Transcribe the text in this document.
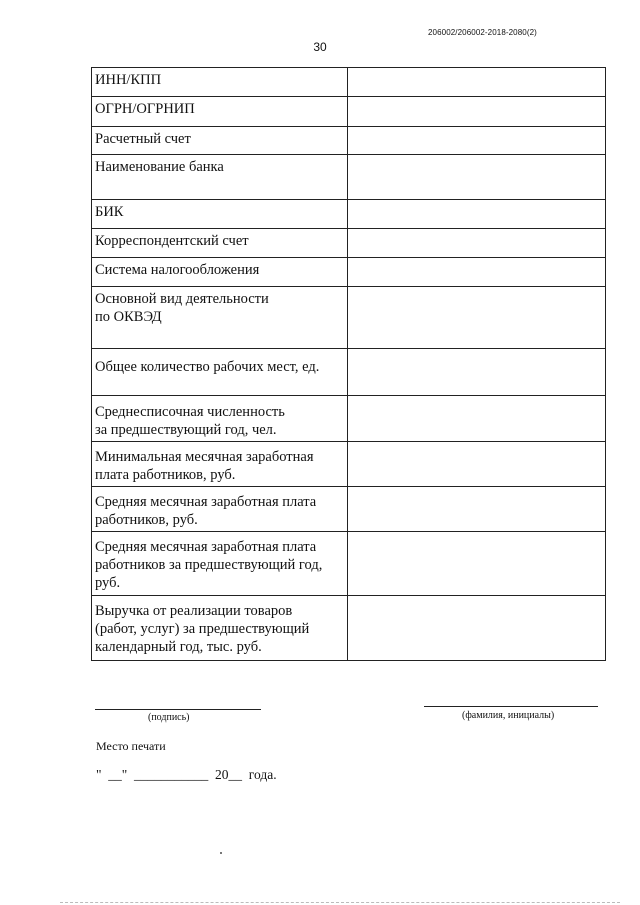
206002/206002-2018-2080(2)
30
ИНН/КПП	
ОГРН/ОГРНИП	
Расчетный счет	
Наименование банка	
БИК	
Корреспондентский счет	
Система налогообложения	
Основной вид деятельности
по ОКВЭД	
Общее количество рабочих мест, ед.	
Среднесписочная численность
за предшествующий год, чел.	
Минимальная месячная заработная
плата работников, руб.	
Средняя месячная заработная плата
работников, руб.	
Средняя месячная заработная плата
работников за предшествующий год,
руб.	
Выручка от реализации товаров
(работ, услуг) за предшествующий
календарный год, тыс. руб.	
(подпись)	(фамилия, инициалы)
Место печати
"  __"  ___________  20__  года.
